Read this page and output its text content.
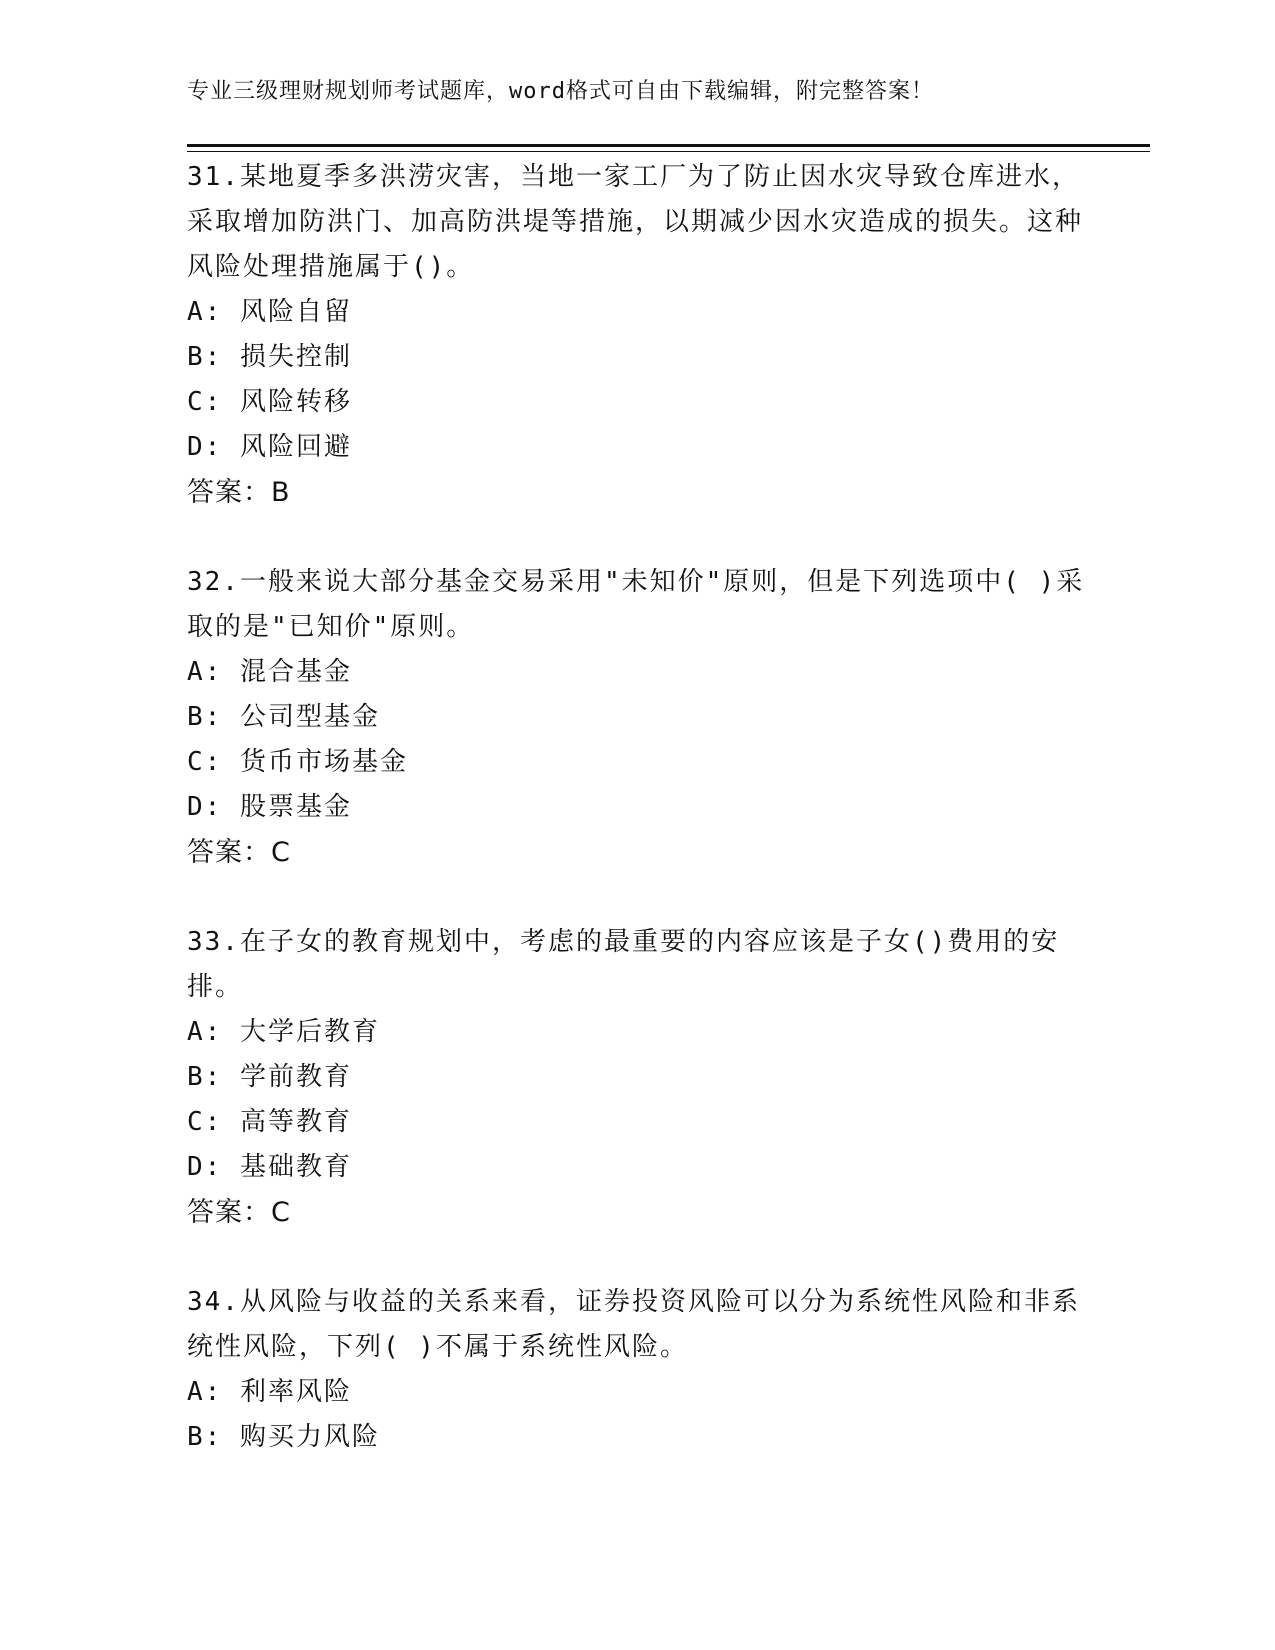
专业三级理财规划师考试题库，word格式可自由下载编辑，附完整答案！

31.某地夏季多洪涝灾害，当地一家工厂为了防止因水灾导致仓库进水，采取增加防洪门、加高防洪堤等措施，以期减少因水灾造成的损失。这种风险处理措施属于()。

A: 风险自留
B: 损失控制
C: 风险转移
D: 风险回避
答案：B

32.一般来说大部分基金交易采用"未知价"原则，但是下列选项中( )采取的是"已知价"原则。

A: 混合基金
B: 公司型基金
C: 货币市场基金
D: 股票基金
答案：C

33.在子女的教育规划中，考虑的最重要的内容应该是子女()费用的安排。

A: 大学后教育
B: 学前教育
C: 高等教育
D: 基础教育
答案：C

34.从风险与收益的关系来看，证券投资风险可以分为系统性风险和非系统性风险，下列( )不属于系统性风险。

A: 利率风险
B: 购买力风险
